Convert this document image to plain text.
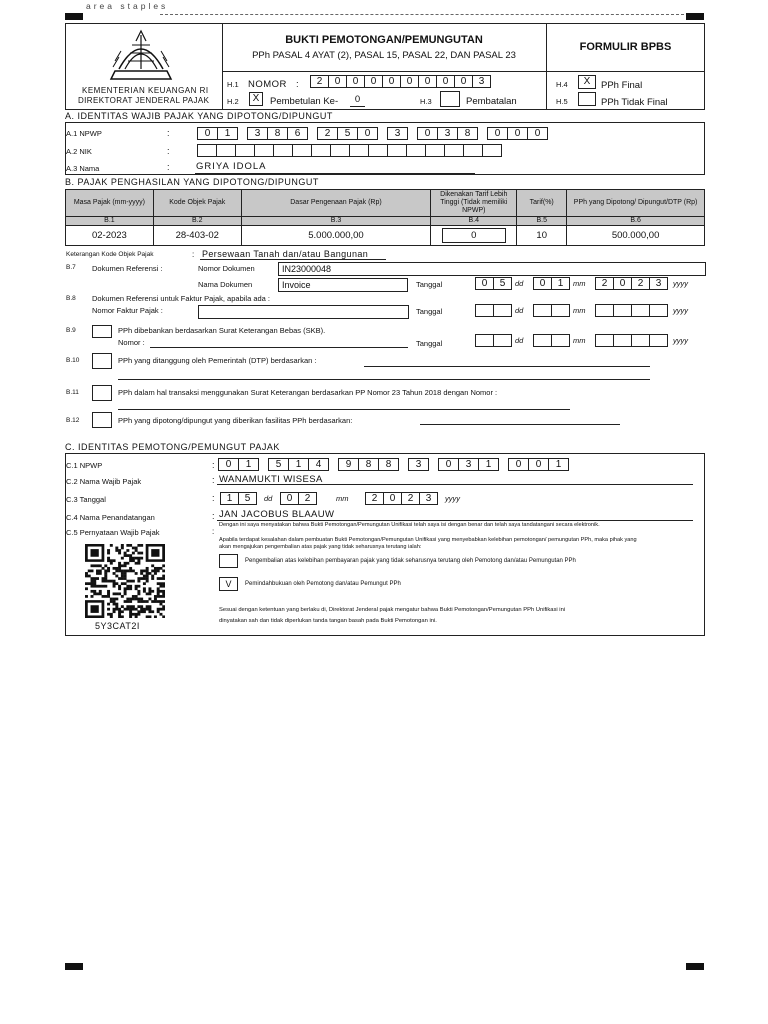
area staples
KEMENTERIAN KEUANGAN RI
DIREKTORAT JENDERAL PAJAK
BUKTI PEMOTONGAN/PEMUNGUTAN
PPh PASAL 4 AYAT (2), PASAL 15, PASAL 22, DAN PASAL 23
FORMULIR BPBS
H.1 NOMOR :	2	0	0	0	0	0	0	0	0	3
H.2	X	Pembetulan Ke-	0	H.3	Pembatalan
H.4	X	PPh Final
H.5	PPh Tidak Final
A. IDENTITAS WAJIB PAJAK YANG DIPOTONG/DIPUNGUT
A.1 NPWP	:	0	1	3	8	6	2	5	0	3	0	3	8	0	0	0
A.2 NIK	:
A.3 Nama	:	GRIYA IDOLA
B. PAJAK PENGHASILAN YANG DIPOTONG/DIPUNGUT
Masa Pajak (mm-yyyy)	Kode Objek Pajak	Dasar Pengenaan Pajak (Rp)	Dikenakan Tarif Lebih Tinggi (Tidak memiliki NPWP)	Tarif(%)	PPh yang Dipotong/ Dipungut/DTP (Rp)
B.1	B.2	B.3	B.4	B.5	B.6
02-2023	28-403-02	5.000.000,00	0	10	500.000,00
Keterangan Kode Objek Pajak	: Persewaan Tanah dan/atau Bangunan
B.7 Dokumen Referensi :	Nomor Dokumen	IN23000048
Nama Dokumen	Invoice	Tanggal	0	5	dd	0	1	mm	2	0	2	3	yyyy
B.8 Dokumen Referensi untuk Faktur Pajak, apabila ada :
Nomor Faktur Pajak :	Tanggal	dd	mm	yyyy
B.9	PPh dibebankan berdasarkan Surat Keterangan Bebas (SKB).
Nomor :	Tanggal	dd	mm	yyyy
B.10	PPh yang ditanggung oleh Pemerintah (DTP) berdasarkan :
B.11	PPh dalam hal transaksi menggunakan Surat Keterangan berdasarkan PP Nomor 23 Tahun 2018 dengan Nomor :
B.12	PPh yang dipotong/dipungut yang diberikan fasilitas PPh berdasarkan:
C. IDENTITAS PEMOTONG/PEMUNGUT PAJAK
C.1 NPWP	:	0	1	5	1	4	9	8	8	3	0	3	1	0	0	1
C.2 Nama Wajib Pajak	: WANAMUKTI WISESA
C.3 Tanggal	:	1	5	dd	0	2	mm	2	0	2	3	yyyy
C.4 Nama Penandatangan	: JAN JACOBUS BLAAUW
C.5 Pernyataan Wajib Pajak	:
Dengan ini saya menyatakan bahwa Bukti Pemotongan/Pemungutan Unifikasi telah saya isi dengan benar dan telah saya tandatangani secara elektronik.
Apabila terdapat kesalahan dalam pembuatan Bukti Pemotongan/Pemungutan Unifikasi yang menyebabkan kelebihan pemotongan/ pemungutan PPh, maka pihak yang akan mengajukan pengembalian atas pajak yang tidak seharusnya terutang ialah:
Pengembalian atas kelebihan pembayaran pajak yang tidak seharusnya terutang oleh Pemotong dan/atau Pemungutan PPh
V	Pemindahbukuan oleh Pemotong dan/atau Pemungut PPh
Sesuai dengan ketentuan yang berlaku di, Direktorat Jenderal pajak mengatur bahwa Bukti Pemotongan/Pemungutan PPh Unifikasi ini
dinyatakan sah dan tidak diperlukan tanda tangan basah pada Bukti Pemotongan ini.
5Y3CAT2I
